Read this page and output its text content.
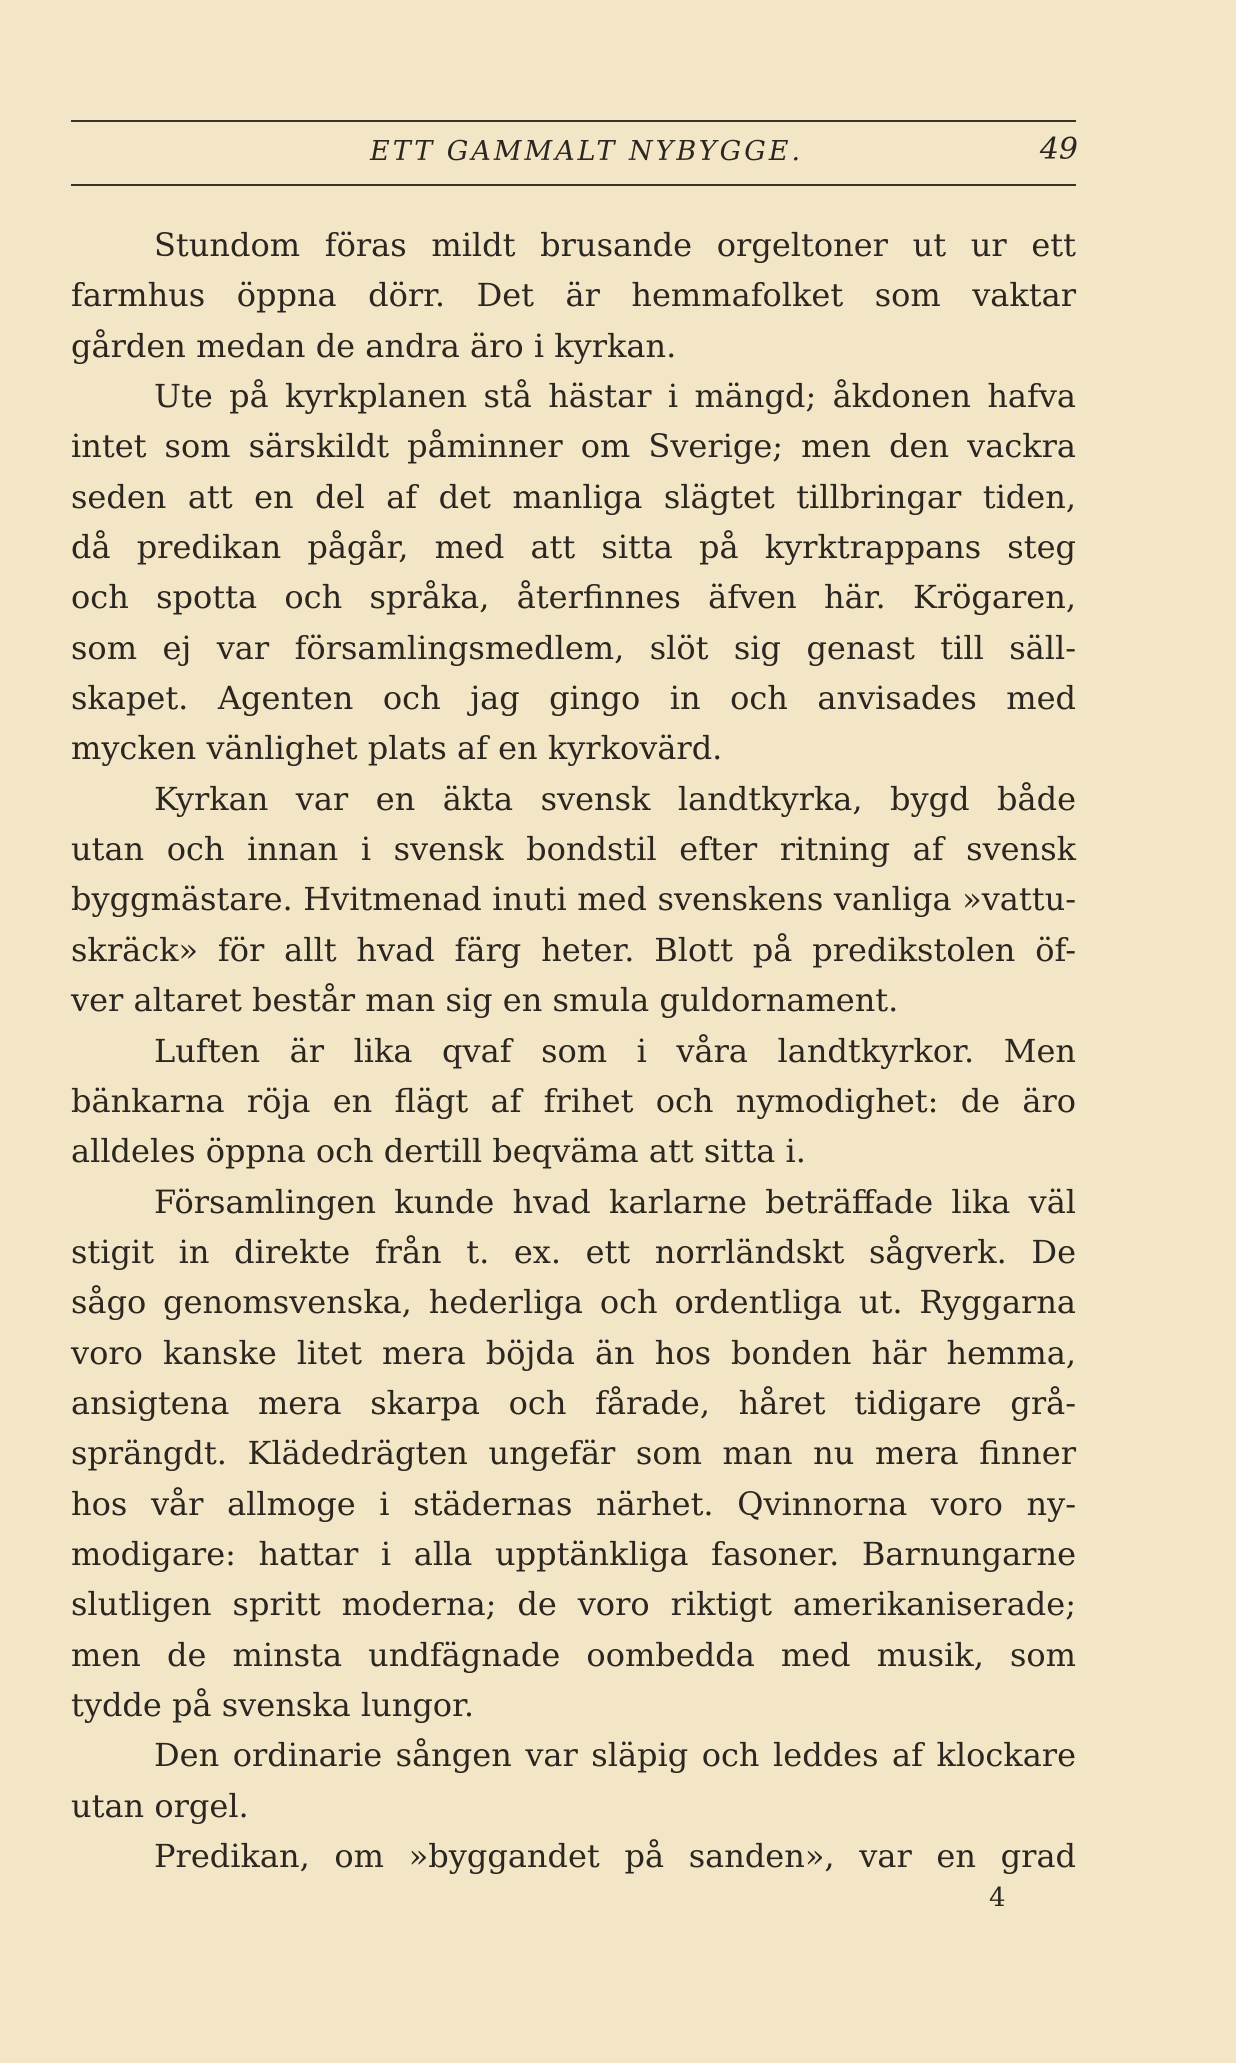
ETT GAMMALT NYBYGGE.	49
Stundom föras mildt brusande orgeltoner ut ur ett
farmhus öppna dörr. Det är hemmafolket som vaktar
gården medan de andra äro i kyrkan.
Ute på kyrkplanen stå hästar i mängd; åkdonen hafva
intet som särskildt påminner om Sverige; men den vackra
seden att en del af det manliga slägtet tillbringar tiden,
då predikan pågår, med att sitta på kyrktrappans steg
och spotta och språka, återfinnes äfven här. Krögaren,
som ej var församlingsmedlem, slöt sig genast till säll-
skapet. Agenten och jag gingo in och anvisades med
mycken vänlighet plats af en kyrkovärd.
Kyrkan var en äkta svensk landtkyrka, bygd både
utan och innan i svensk bondstil efter ritning af svensk
byggmästare. Hvitmenad inuti med svenskens vanliga »vattu-
skräck» för allt hvad färg heter. Blott på predikstolen öf-
ver altaret består man sig en smula guldornament.
Luften är lika qvaf som i våra landtkyrkor. Men
bänkarna röja en flägt af frihet och nymodighet: de äro
alldeles öppna och dertill beqväma att sitta i.
Församlingen kunde hvad karlarne beträffade lika väl
stigit in direkte från t. ex. ett norrländskt sågverk. De
sågo genomsvenska, hederliga och ordentliga ut. Ryggarna
voro kanske litet mera böjda än hos bonden här hemma,
ansigtena mera skarpa och fårade, håret tidigare grå-
sprängdt. Klädedrägten ungefär som man nu mera finner
hos vår allmoge i städernas närhet. Qvinnorna voro ny-
modigare: hattar i alla upptänkliga fasoner. Barnungarne
slutligen spritt moderna; de voro riktigt amerikaniserade;
men de minsta undfägnade oombedda med musik, som
tydde på svenska lungor.
Den ordinarie sången var släpig och leddes af klockare
utan orgel.
Predikan, om »byggandet på sanden», var en grad
4
